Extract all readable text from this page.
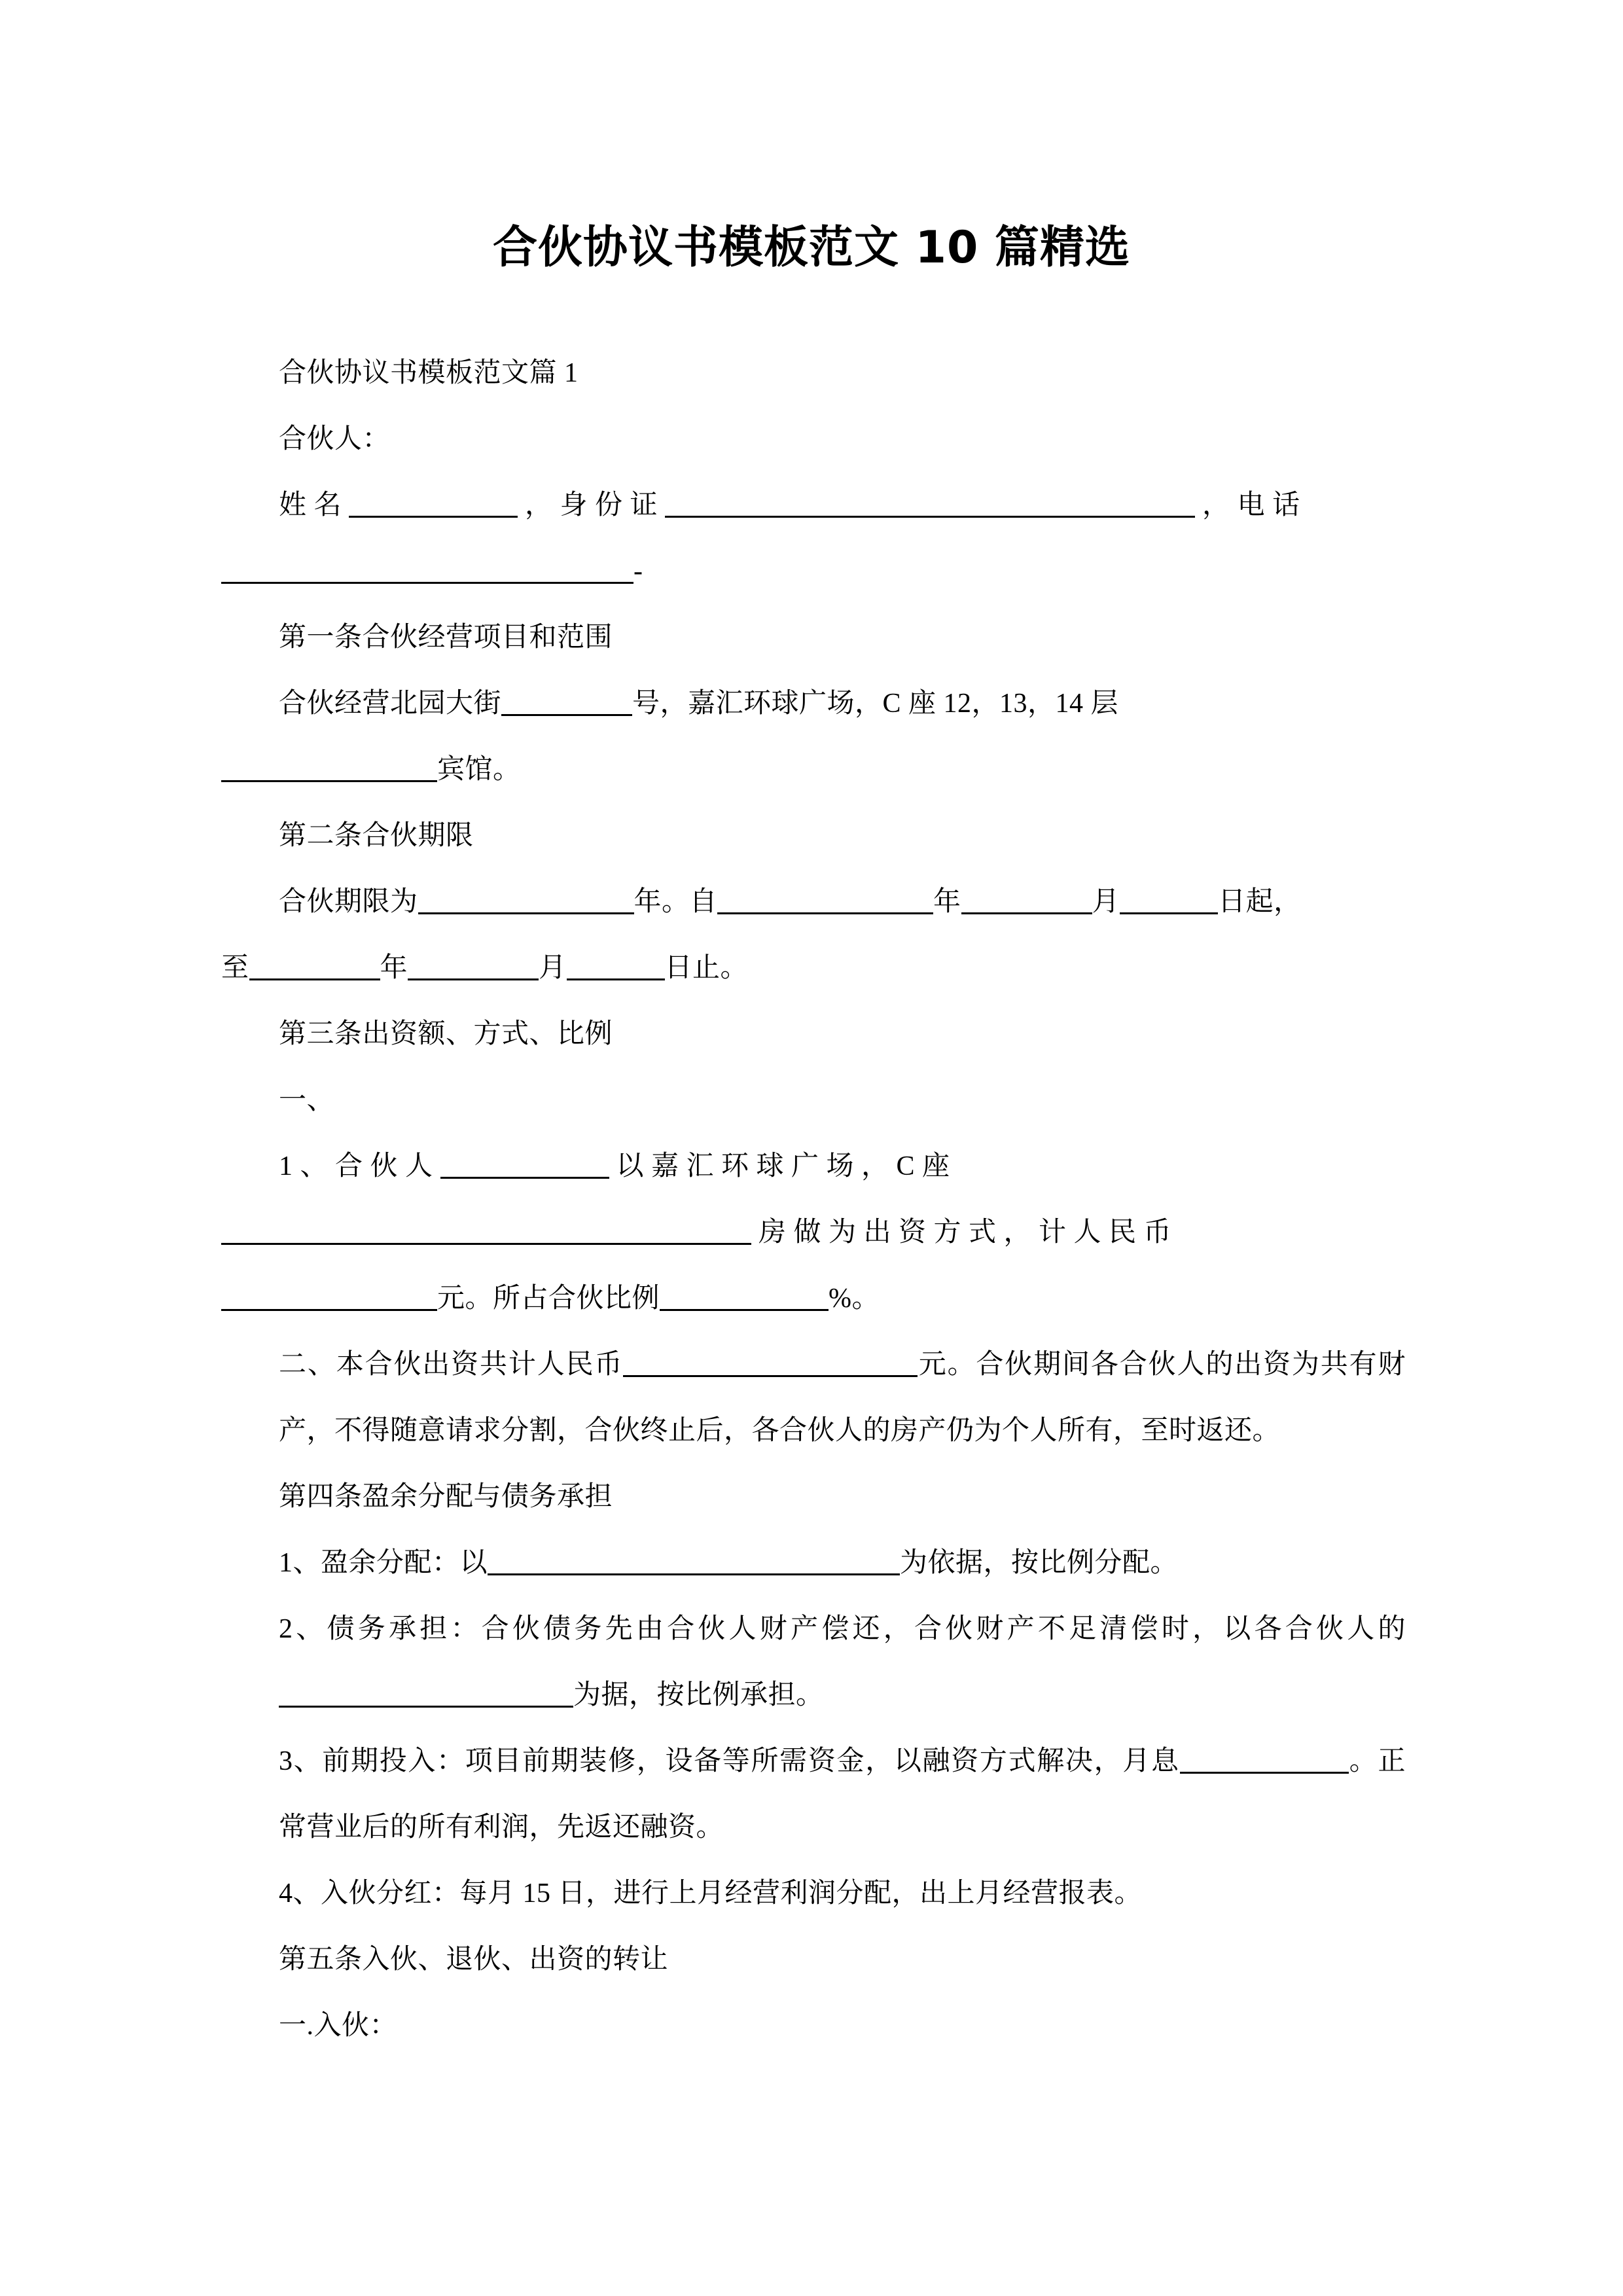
合伙协议书模板范文 10 篇精选

合伙协议书模板范文篇 1

合伙人：

姓 名	， 身 份 证	， 电 话

-

第一条合伙经营项目和范围

合伙经营北园大街	号，嘉汇环球广场，C 座 12，13，14 层

宾馆。

第二条合伙期限

合伙期限为	年。自	年	月	日起，

至	年	月	日止。

第三条出资额、方式、比例

一、

1 、 合 伙 人	以 嘉 汇 环 球 广 场 ， C 座

房 做 为 出 资 方 式 ， 计 人 民 币

元。所占合伙比例	%。

二、本合伙出资共计人民币	元。合伙期间各合伙人的出资为共有财产，不得随意请求分割，合伙终止后，各合伙人的房产仍为个人所有，至时返还。

第四条盈余分配与债务承担

1、盈余分配：以	为依据，按比例分配。

2、债务承担：合伙债务先由合伙人财产偿还，合伙财产不足清偿时，以各合伙人的为据，按比例承担。

3、前期投入：项目前期装修，设备等所需资金，以融资方式解决，月息	。正常营业后的所有利润，先返还融资。

4、入伙分红：每月 15 日，进行上月经营利润分配，出上月经营报表。

第五条入伙、退伙、出资的转让

一.入伙：
